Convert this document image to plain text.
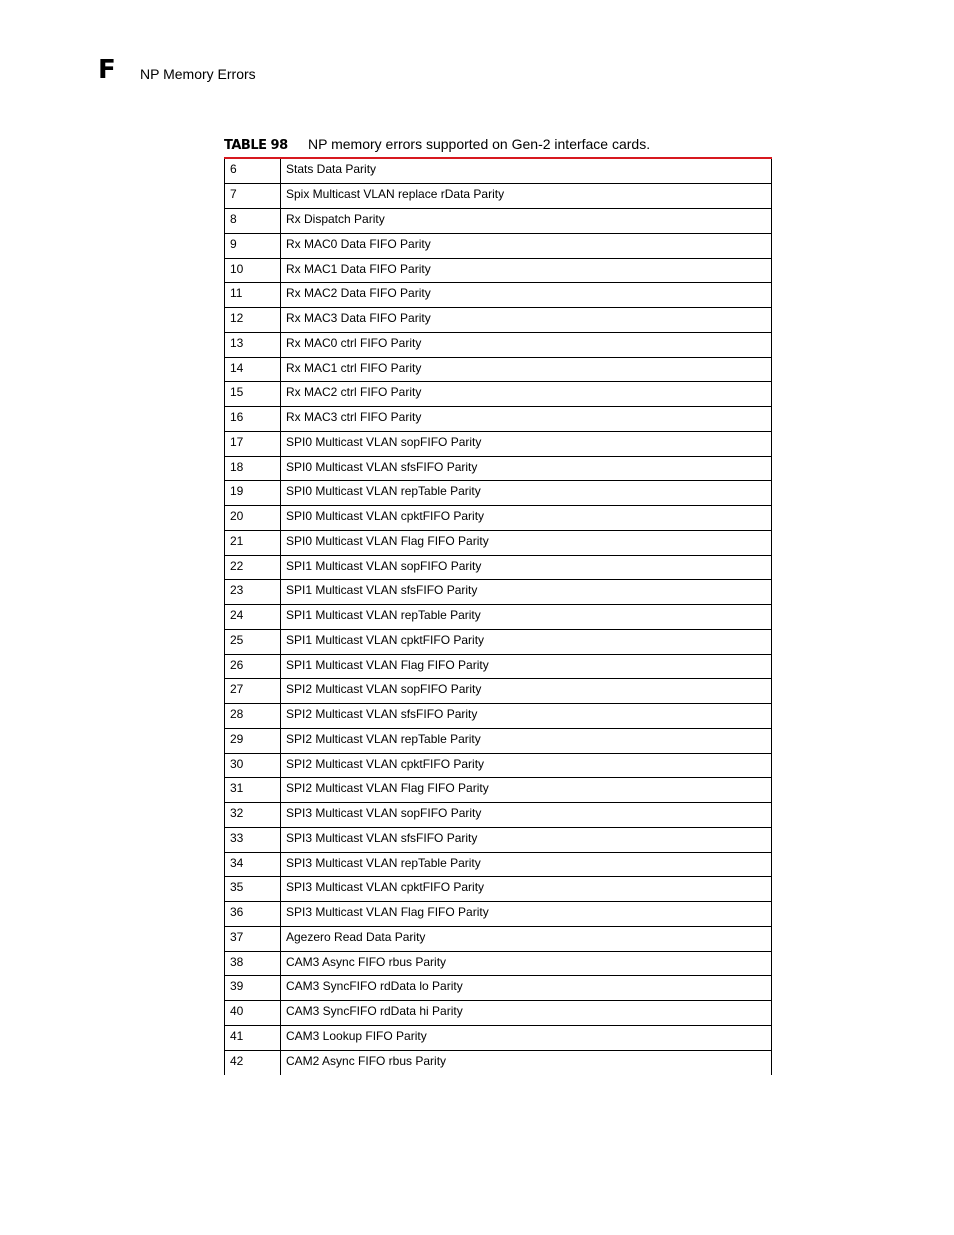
F NP Memory Errors
TABLE 98 NP memory errors supported on Gen-2 interface cards.
6	Stats Data Parity
7	Spix Multicast VLAN replace rData Parity
8	Rx Dispatch Parity
9	Rx MAC0 Data FIFO Parity
10	Rx MAC1 Data FIFO Parity
11	Rx MAC2 Data FIFO Parity
12	Rx MAC3 Data FIFO Parity
13	Rx MAC0 ctrl FIFO Parity
14	Rx MAC1 ctrl FIFO Parity
15	Rx MAC2 ctrl FIFO Parity
16	Rx MAC3 ctrl FIFO Parity
17	SPI0 Multicast VLAN sopFIFO Parity
18	SPI0 Multicast VLAN sfsFIFO Parity
19	SPI0 Multicast VLAN repTable Parity
20	SPI0 Multicast VLAN cpktFIFO Parity
21	SPI0 Multicast VLAN Flag FIFO Parity
22	SPI1 Multicast VLAN sopFIFO Parity
23	SPI1 Multicast VLAN sfsFIFO Parity
24	SPI1 Multicast VLAN repTable Parity
25	SPI1 Multicast VLAN cpktFIFO Parity
26	SPI1 Multicast VLAN Flag FIFO Parity
27	SPI2 Multicast VLAN sopFIFO Parity
28	SPI2 Multicast VLAN sfsFIFO Parity
29	SPI2 Multicast VLAN repTable Parity
30	SPI2 Multicast VLAN cpktFIFO Parity
31	SPI2 Multicast VLAN Flag FIFO Parity
32	SPI3 Multicast VLAN sopFIFO Parity
33	SPI3 Multicast VLAN sfsFIFO Parity
34	SPI3 Multicast VLAN repTable Parity
35	SPI3 Multicast VLAN cpktFIFO Parity
36	SPI3 Multicast VLAN Flag FIFO Parity
37	Agezero Read Data Parity
38	CAM3 Async FIFO rbus Parity
39	CAM3 SyncFIFO rdData lo Parity
40	CAM3 SyncFIFO rdData hi Parity
41	CAM3 Lookup FIFO Parity
42	CAM2 Async FIFO rbus Parity
